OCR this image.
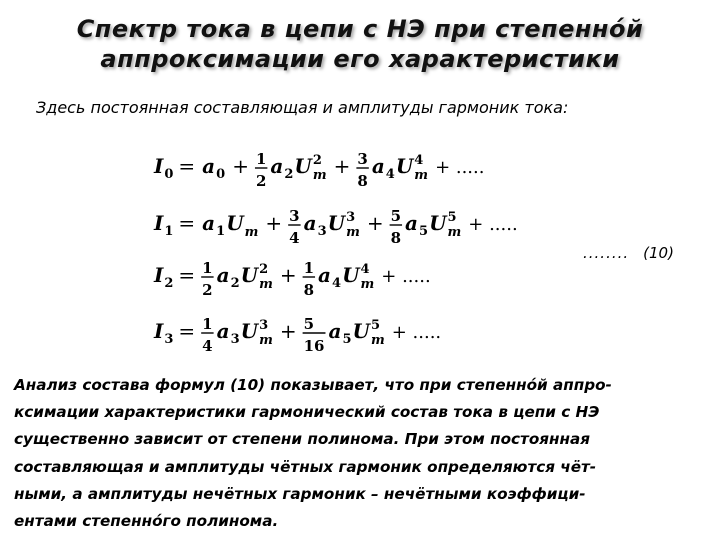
Спектр тока в цепи с НЭ при степенно́й
аппроксимации его характеристики
Здесь постоянная составляющая и амплитуды гармоник тока:
I 0 = a 0 + 1
2
a 2 U m
2 + 3
8
a 4 U m
4 + .....
I 1 = a 1 U m + 3
4
a 3 U m
3 + 5
8
a 5 U m
5 + .....
I 2 = 1
2
a 2 U m
2 + 1
8
a 4 U m
4 + .....
I 3 = 1
4
a 3 U m
3 + 5
16
a 5 U m
5 + .....
........ (10)
Анализ состава формул (10) показывает, что при степенно́й аппро-
ксимации характеристики гармонический состав тока в цепи с НЭ
существенно зависит от степени полинома. При этом постоянная
составляющая и амплитуды чётных гармоник определяются чёт-
ными, а амплитуды нечётных гармоник – нечётными коэффици-
ентами степенно́го полинома.
